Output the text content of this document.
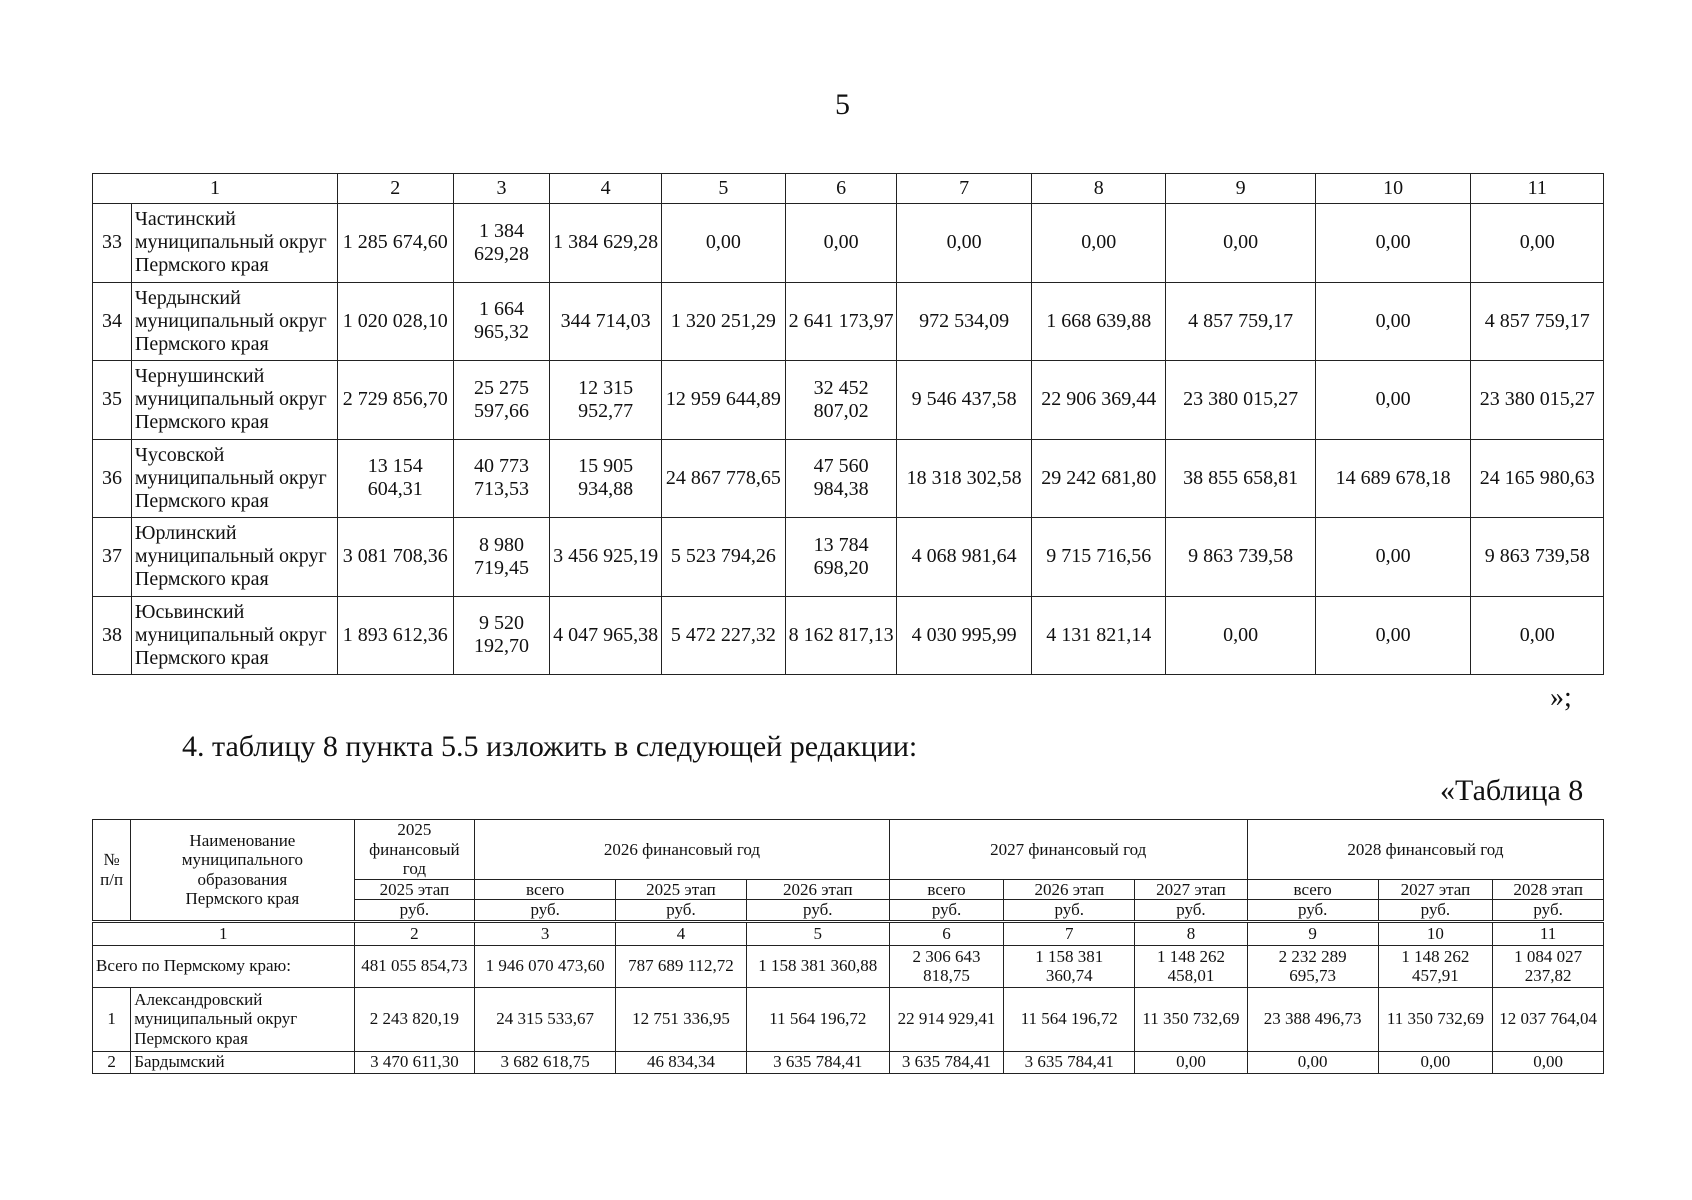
5
1		2	3	4	5	6	7	8	9	10	11
33	Частинский
муниципальный округ
Пермского края	1 285 674,60	1 384
629,28	1 384 629,28	0,00	0,00	0,00	0,00	0,00	0,00	0,00
34	Чердынский
муниципальный округ
Пермского края	1 020 028,10	1 664
965,32	344 714,03	1 320 251,29	2 641 173,97	972 534,09	1 668 639,88	4 857 759,17	0,00	4 857 759,17
35	Чернушинский
муниципальный округ
Пермского края	2 729 856,70	25 275
597,66	12 315
952,77	12 959 644,89	32 452
807,02	9 546 437,58	22 906 369,44	23 380 015,27	0,00	23 380 015,27
36	Чусовской
муниципальный округ
Пермского края	13 154
604,31	40 773
713,53	15 905
934,88	24 867 778,65	47 560
984,38	18 318 302,58	29 242 681,80	38 855 658,81	14 689 678,18	24 165 980,63
37	Юрлинский
муниципальный округ
Пермского края	3 081 708,36	8 980
719,45	3 456 925,19	5 523 794,26	13 784
698,20	4 068 981,64	9 715 716,56	9 863 739,58	0,00	9 863 739,58
38	Юсьвинский
муниципальный округ
Пермского края	1 893 612,36	9 520
192,70	4 047 965,38	5 472 227,32	8 162 817,13	4 030 995,99	4 131 821,14	0,00	0,00	0,00
»;
4. таблицу 8 пункта 5.5 изложить в следующей редакции:
«Таблица 8
№
п/п	Наименование
муниципального
образования
Пермского края	2025
финансовый
год	2026 финансовый год			2027 финансовый год			2028 финансовый год		
		2025 этап	всего	2025 этап	2026 этап	всего	2026 этап	2027 этап	всего	2027 этап	2028 этап
		руб.	руб.	руб.	руб.	руб.	руб.	руб.	руб.	руб.	руб.
1		2	3	4	5	6	7	8	9	10	11
Всего по Пермскому краю:		481 055 854,73	1 946 070 473,60	787 689 112,72	1 158 381 360,88	2 306 643
818,75	1 158 381
360,74	1 148 262
458,01	2 232 289
695,73	1 148 262
457,91	1 084 027
237,82
1	Александровский
муниципальный округ
Пермского края	2 243 820,19	24 315 533,67	12 751 336,95	11 564 196,72	22 914 929,41	11 564 196,72	11 350 732,69	23 388 496,73	11 350 732,69	12 037 764,04
2	Бардымский	3 470 611,30	3 682 618,75	46 834,34	3 635 784,41	3 635 784,41	3 635 784,41	0,00	0,00	0,00	0,00
